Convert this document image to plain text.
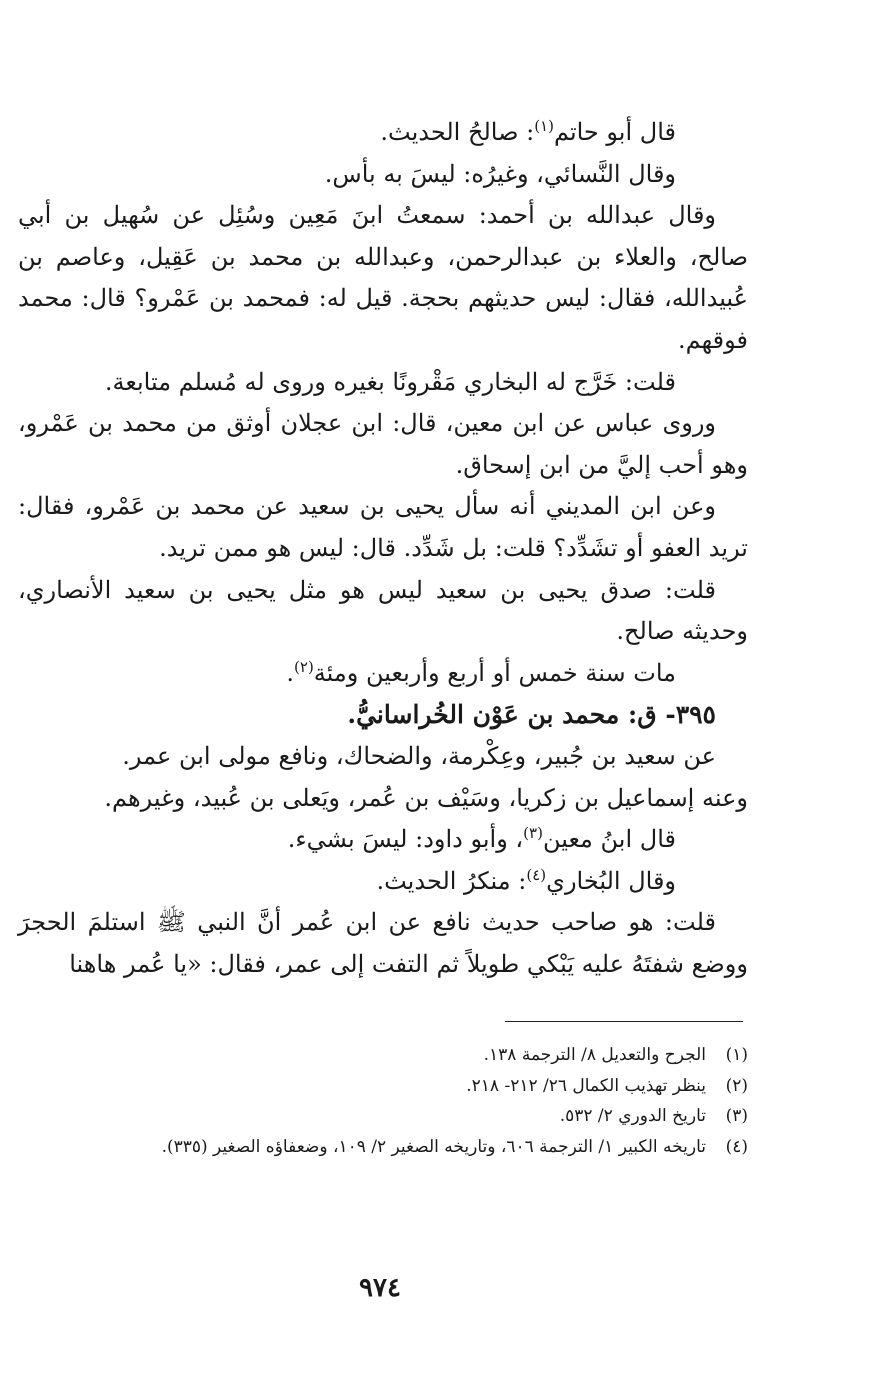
قال أبو حاتم$^{(١)}$: صالحُ الحديث.

وقال النَّسائي، وغيرُه: ليسَ به بأس.

وقال عبدالله بن أحمد: سمعتُ ابنَ مَعِين وسُئِل عن سُهيل بن أبي صالح، والعلاء بن عبدالرحمن، وعبدالله بن محمد بن عَقِيل، وعاصم بن عُبيدالله، فقال: ليس حديثهم بحجة. قيل له: فمحمد بن عَمْرو؟ قال: محمد فوقهم.

قلت: خَرَّج له البخاري مَقْرونًا بغيره وروى له مُسلم متابعة.

وروى عباس عن ابن معين، قال: ابن عجلان أوثق من محمد بن عَمْرو، وهو أحب إليَّ من ابن إسحاق.

وعن ابن المديني أنه سأل يحيى بن سعيد عن محمد بن عَمْرو، فقال: تريد العفو أو تشَدِّد؟ قلت: بل شَدِّد. قال: ليس هو ممن تريد.

قلت: صدق يحيى بن سعيد ليس هو مثل يحيى بن سعيد الأنصاري، وحديثه صالح.

مات سنة خمس أو أربع وأربعين ومئة$^{(٢)}$.

٣٩٥- ق: محمد بن عَوْن الخُراسانيُّ.

عن سعيد بن جُبير، وعِكْرمة، والضحاك، ونافع مولى ابن عمر.

وعنه إسماعيل بن زكريا، وسَيْف بن عُمر، ويَعلى بن عُبيد، وغيرهم.

قال ابنُ معين$^{(٣)}$، وأبو داود: ليسَ بشيء.

وقال البُخاري$^{(٤)}$: منكرُ الحديث.

قلت: هو صاحب حديث نافع عن ابن عُمر أنَّ النبي ﷺ استلمَ الحجرَ ووضع شفتَهُ عليه يَبْكي طويلاً ثم التفت إلى عمر، فقال: «يا عُمر هاهنا

(١)
الجرح والتعديل ٨/ الترجمة ١٣٨.
(٢)
ينظر تهذيب الكمال ٢٦/ ٢١٢- ٢١٨.
(٣)
تاريخ الدوري ٢/ ٥٣٢.
(٤)
تاريخه الكبير ١/ الترجمة ٦٠٦، وتاريخه الصغير ٢/ ١٠٩، وضعفاؤه الصغير (٣٣٥).
٩٧٤
